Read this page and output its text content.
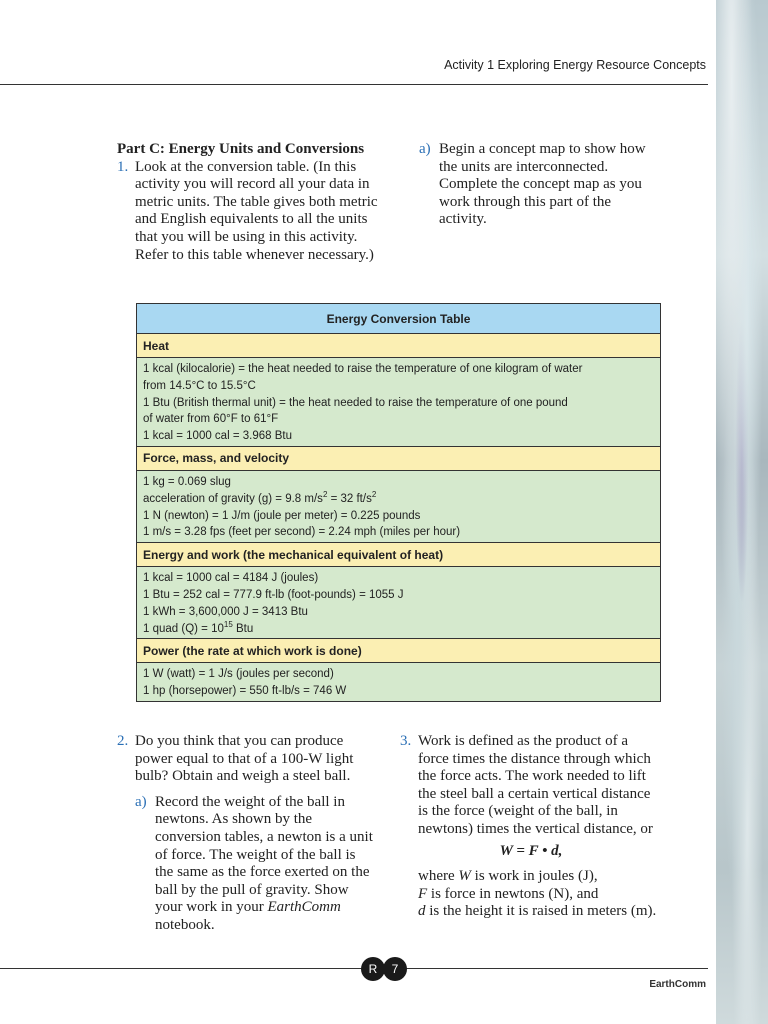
Activity 1 Exploring Energy Resource Concepts
Part C: Energy Units and Conversions
1. Look at the conversion table. (In this activity you will record all your data in metric units. The table gives both metric and English equivalents to all the units that you will be using in this activity. Refer to this table whenever necessary.)
a) Begin a concept map to show how the units are interconnected. Complete the concept map as you work through this part of the activity.
Energy Conversion Table
Heat

1 kcal (kilocalorie) = the heat needed to raise the temperature of one kilogram of water
from 14.5°C to 15.5°C
1 Btu (British thermal unit) = the heat needed to raise the temperature of one pound
of water from 60°F to 61°F
1 kcal = 1000 cal = 3.968 Btu

Force, mass, and velocity

1 kg = 0.069 slug
acceleration of gravity (g) = 9.8 $m/s^2 = 32$ $ft/s^2$
1 N (newton) = 1 J/m (joule per meter) = 0.225 pounds
1 m/s = 3.28 fps (feet per second) = 2.24 mph (miles per hour)

Energy and work (the mechanical equivalent of heat)

1 kcal = 1000 cal = 4184 J (joules)
1 Btu = 252 cal = 777.9 ft-lb (foot-pounds) = 1055 J
1 kWh = 3,600,000 J = 3413 Btu
1 quad $(Q) = 10^{15}$ Btu

Power (the rate at which work is done)

1 W (watt) = 1 J/s (joules per second)
1 hp (horsepower) = 550 ft-lb/s = 746 W
2. Do you think that you can produce power equal to that of a 100-W light bulb? Obtain and weigh a steel ball.
a) Record the weight of the ball in newtons. As shown by the conversion tables, a newton is a unit of force. The weight of the ball is the same as the force exerted on the ball by the pull of gravity. Show your work in your EarthComm notebook.
3. Work is defined as the product of a force times the distance through which the force acts. The work needed to lift the steel ball a certain vertical distance is the force (weight of the ball, in newtons) times the vertical distance, or
W = F • d,
where W is work in joules (J),
F is force in newtons (N), and
d is the height it is raised in meters (m).
R	7
EarthComm
